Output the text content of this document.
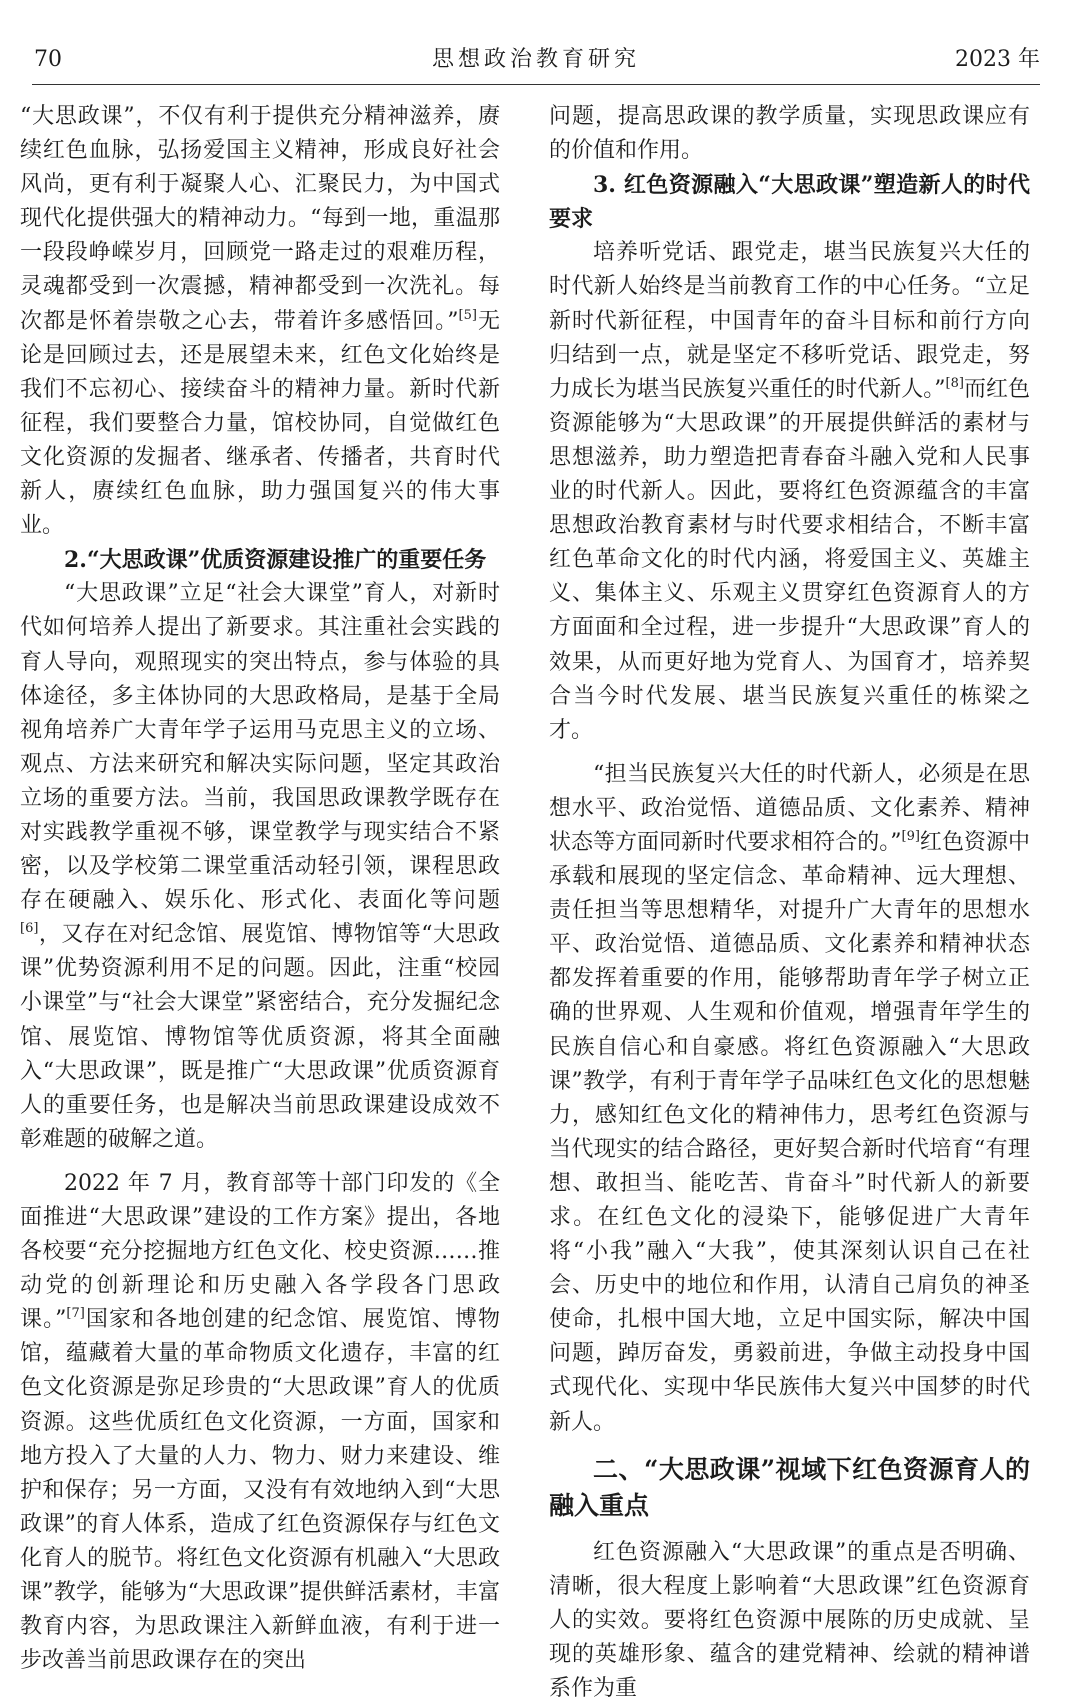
70	思想政治教育研究	2023 年

“大思政课”，不仅有利于提供充分精神滋养，赓续红色血脉，弘扬爱国主义精神，形成良好社会风尚，更有利于凝聚人心、汇聚民力，为中国式现代化提供强大的精神动力。“每到一地，重温那一段段峥嵘岁月，回顾党一路走过的艰难历程，灵魂都受到一次震撼，精神都受到一次洗礼。每次都是怀着崇敬之心去，带着许多感悟回。”[5]无论是回顾过去，还是展望未来，红色文化始终是我们不忘初心、接续奋斗的精神力量。新时代新征程，我们要整合力量，馆校协同，自觉做红色文化资源的发掘者、继承者、传播者，共育时代新人，赓续红色血脉，助力强国复兴的伟大事业。

2.“大思政课”优质资源建设推广的重要任务

“大思政课”立足“社会大课堂”育人，对新时代如何培养人提出了新要求。其注重社会实践的育人导向，观照现实的突出特点，参与体验的具体途径，多主体协同的大思政格局，是基于全局视角培养广大青年学子运用马克思主义的立场、观点、方法来研究和解决实际问题，坚定其政治立场的重要方法。当前，我国思政课教学既存在对实践教学重视不够，课堂教学与现实结合不紧密，以及学校第二课堂重活动轻引领，课程思政存在硬融入、娱乐化、形式化、表面化等问题[6]，又存在对纪念馆、展览馆、博物馆等“大思政课”优势资源利用不足的问题。因此，注重“校园小课堂”与“社会大课堂”紧密结合，充分发掘纪念馆、展览馆、博物馆等优质资源，将其全面融入“大思政课”，既是推广“大思政课”优质资源育人的重要任务，也是解决当前思政课建设成效不彰难题的破解之道。

2022 年 7 月，教育部等十部门印发的《全面推进“大思政课”建设的工作方案》提出，各地各校要“充分挖掘地方红色文化、校史资源……推动党的创新理论和历史融入各学段各门思政课。”[7]国家和各地创建的纪念馆、展览馆、博物馆，蕴藏着大量的革命物质文化遗存，丰富的红色文化资源是弥足珍贵的“大思政课”育人的优质资源。这些优质红色文化资源，一方面，国家和地方投入了大量的人力、物力、财力来建设、维护和保存；另一方面，又没有有效地纳入到“大思政课”的育人体系，造成了红色资源保存与红色文化育人的脱节。将红色文化资源有机融入“大思政课”教学，能够为“大思政课”提供鲜活素材，丰富教育内容，为思政课注入新鲜血液，有利于进一步改善当前思政课存在的突出

问题，提高思政课的教学质量，实现思政课应有的价值和作用。

3. 红色资源融入“大思政课”塑造新人的时代要求

培养听党话、跟党走，堪当民族复兴大任的时代新人始终是当前教育工作的中心任务。“立足新时代新征程，中国青年的奋斗目标和前行方向归结到一点，就是坚定不移听党话、跟党走，努力成长为堪当民族复兴重任的时代新人。”[8]而红色资源能够为“大思政课”的开展提供鲜活的素材与思想滋养，助力塑造把青春奋斗融入党和人民事业的时代新人。因此，要将红色资源蕴含的丰富思想政治教育素材与时代要求相结合，不断丰富红色革命文化的时代内涵，将爱国主义、英雄主义、集体主义、乐观主义贯穿红色资源育人的方方面面和全过程，进一步提升“大思政课”育人的效果，从而更好地为党育人、为国育才，培养契合当今时代发展、堪当民族复兴重任的栋梁之才。

“担当民族复兴大任的时代新人，必须是在思想水平、政治觉悟、道德品质、文化素养、精神状态等方面同新时代要求相符合的。”[9]红色资源中承载和展现的坚定信念、革命精神、远大理想、责任担当等思想精华，对提升广大青年的思想水平、政治觉悟、道德品质、文化素养和精神状态都发挥着重要的作用，能够帮助青年学子树立正确的世界观、人生观和价值观，增强青年学生的民族自信心和自豪感。将红色资源融入“大思政课”教学，有利于青年学子品味红色文化的思想魅力，感知红色文化的精神伟力，思考红色资源与当代现实的结合路径，更好契合新时代培育“有理想、敢担当、能吃苦、肯奋斗”时代新人的新要求。在红色文化的浸染下，能够促进广大青年将“小我”融入“大我”，使其深刻认识自己在社会、历史中的地位和作用，认清自己肩负的神圣使命，扎根中国大地，立足中国实际，解决中国问题，踔厉奋发，勇毅前进，争做主动投身中国式现代化、实现中华民族伟大复兴中国梦的时代新人。

二、“大思政课”视域下红色资源育人的融入重点

红色资源融入“大思政课”的重点是否明确、清晰，很大程度上影响着“大思政课”红色资源育人的实效。要将红色资源中展陈的历史成就、呈现的英雄形象、蕴含的建党精神、绘就的精神谱系作为重
